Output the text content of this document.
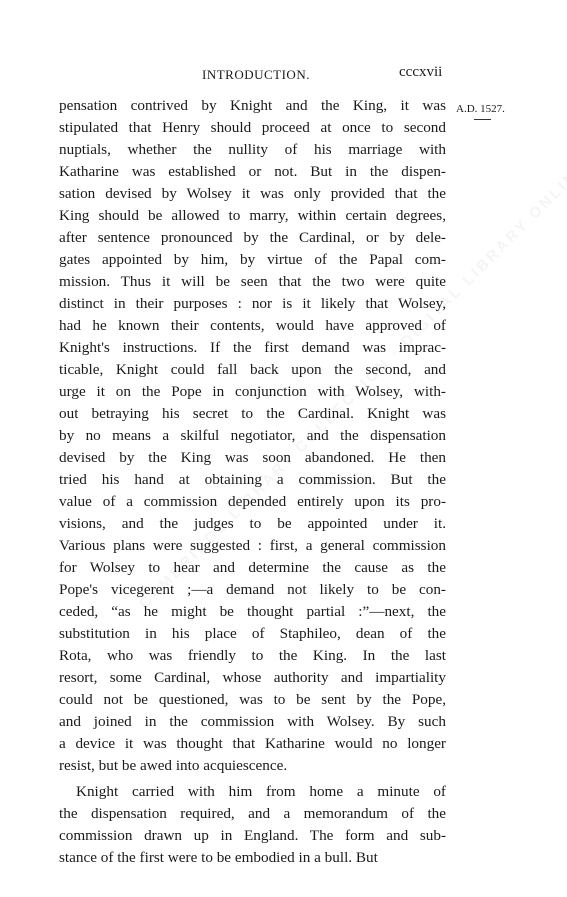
INTRODUCTION.	cccxvii
A.D. 1527.
pensation contrived by Knight and the King, it was
stipulated that Henry should proceed at once to second
nuptials, whether the nullity of his marriage with
Katharine was established or not. But in the dispen-
sation devised by Wolsey it was only provided that the
King should be allowed to marry, within certain degrees,
after sentence pronounced by the Cardinal, or by dele-
gates appointed by him, by virtue of the Papal com-
mission. Thus it will be seen that the two were quite
distinct in their purposes : nor is it likely that Wolsey,
had he known their contents, would have approved of
Knight's instructions. If the first demand was imprac-
ticable, Knight could fall back upon the second, and
urge it on the Pope in conjunction with Wolsey, with-
out betraying his secret to the Cardinal. Knight was
by no means a skilful negotiator, and the dispensation
devised by the King was soon abandoned. He then
tried his hand at obtaining a commission. But the
value of a commission depended entirely upon its pro-
visions, and the judges to be appointed under it.
Various plans were suggested : first, a general commission
for Wolsey to hear and determine the cause as the
Pope's vicegerent ;—a demand not likely to be con-
ceded, “as he might be thought partial :”—next, the
substitution in his place of Staphileo, dean of the
Rota, who was friendly to the King. In the last
resort, some Cardinal, whose authority and impartiality
could not be questioned, was to be sent by the Pope,
and joined in the commission with Wolsey. By such
a device it was thought that Katharine would no longer
resist, but be awed into acquiescence.
Knight carried with him from home a minute of
the dispensation required, and a memorandum of the
commission drawn up in England. The form and sub-
stance of the first were to be embodied in a bull. But
